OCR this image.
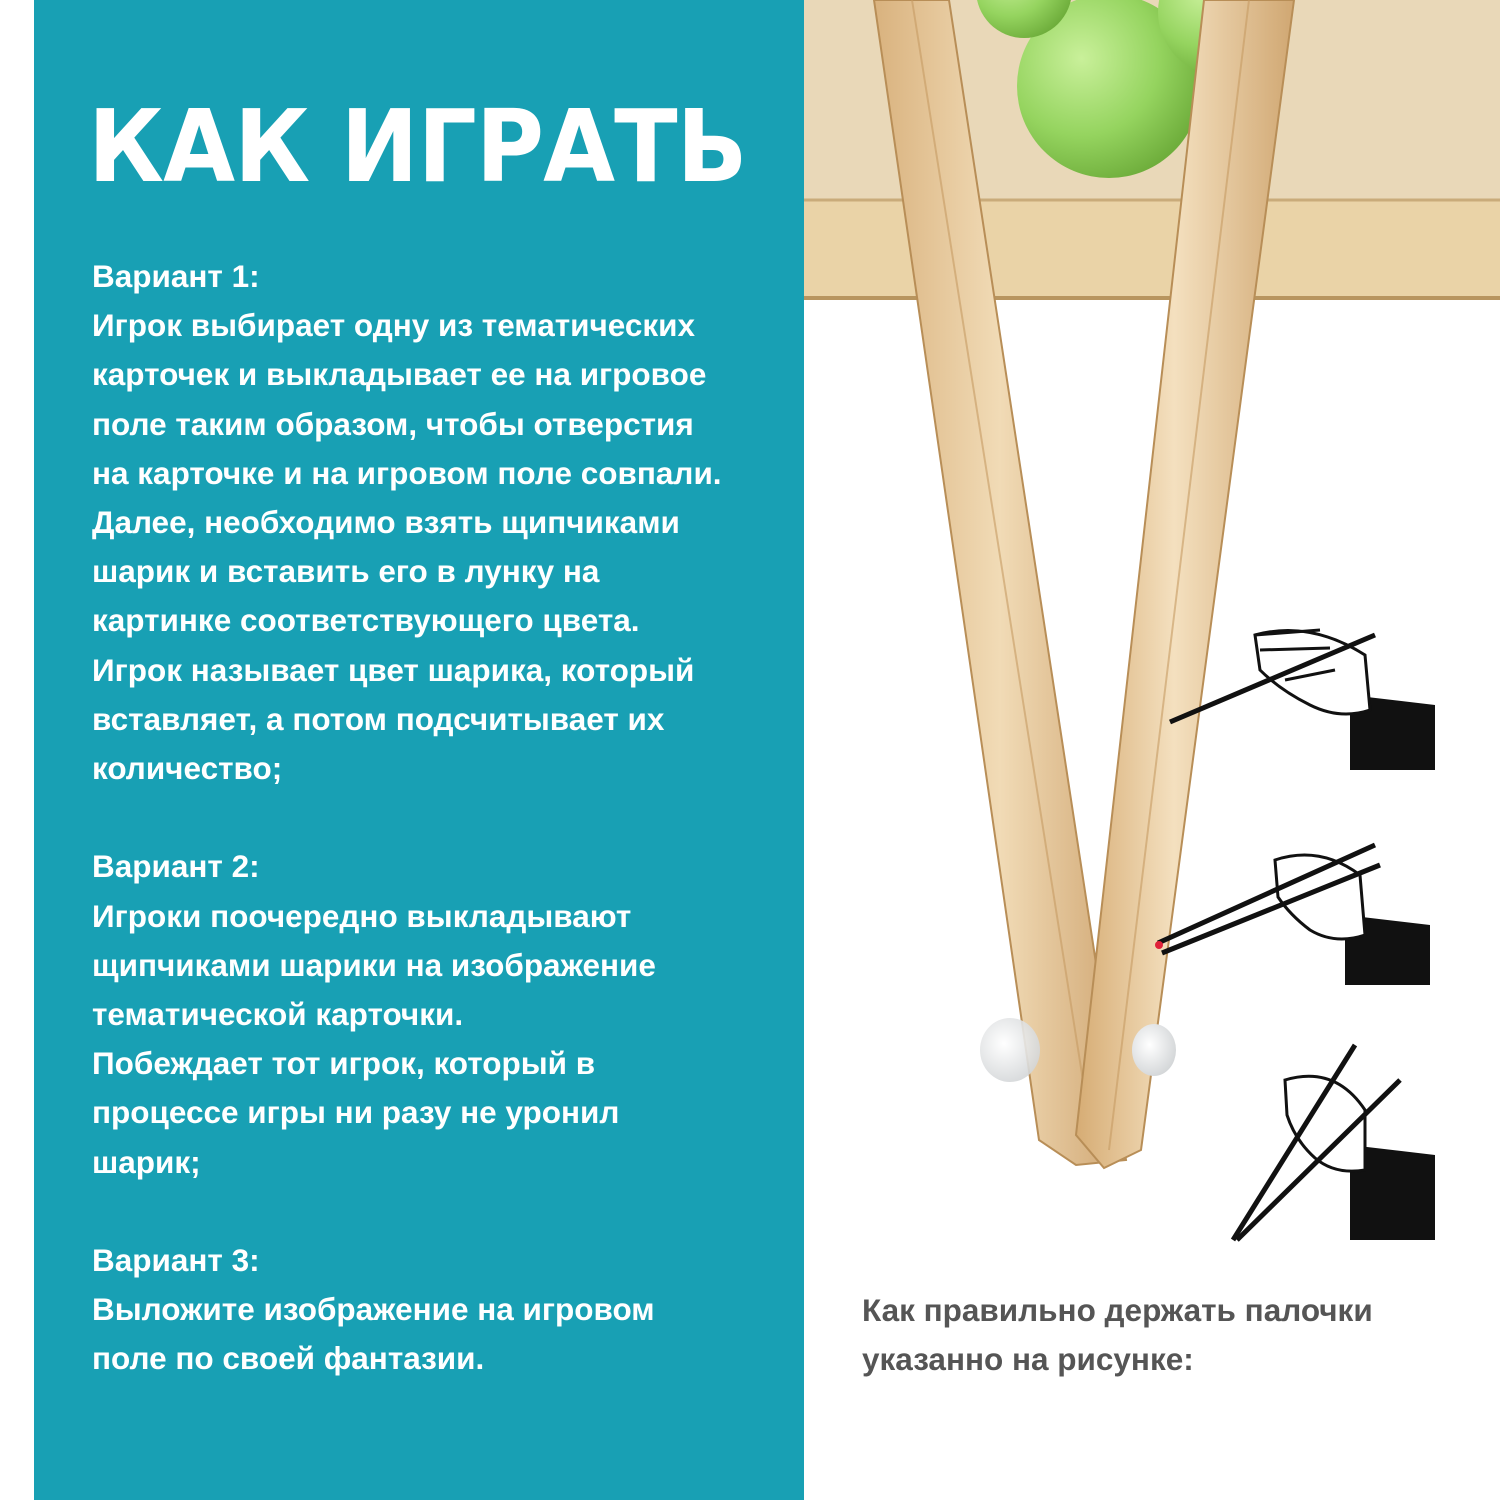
КАК ИГРАТЬ
Вариант 1:
Игрок выбирает одну из тематических
карточек и выкладывает ее на игровое
поле таким образом, чтобы отверстия
на карточке и на игровом поле совпали.
Далее, необходимо взять щипчиками
шарик и вставить его в лунку на
картинке соответствующего цвета.
Игрок называет цвет шарика, который
вставляет, а потом подсчитывает их
количество;
Вариант 2:
Игроки поочередно выкладывают
щипчиками шарики на изображение
тематической карточки.
Побеждает тот игрок, который в
процессе игры ни разу не уронил
шарик;
Вариант 3:
Выложите изображение на игровом
поле по своей фантазии.
Как правильно держать палочки
указанно на рисунке:
